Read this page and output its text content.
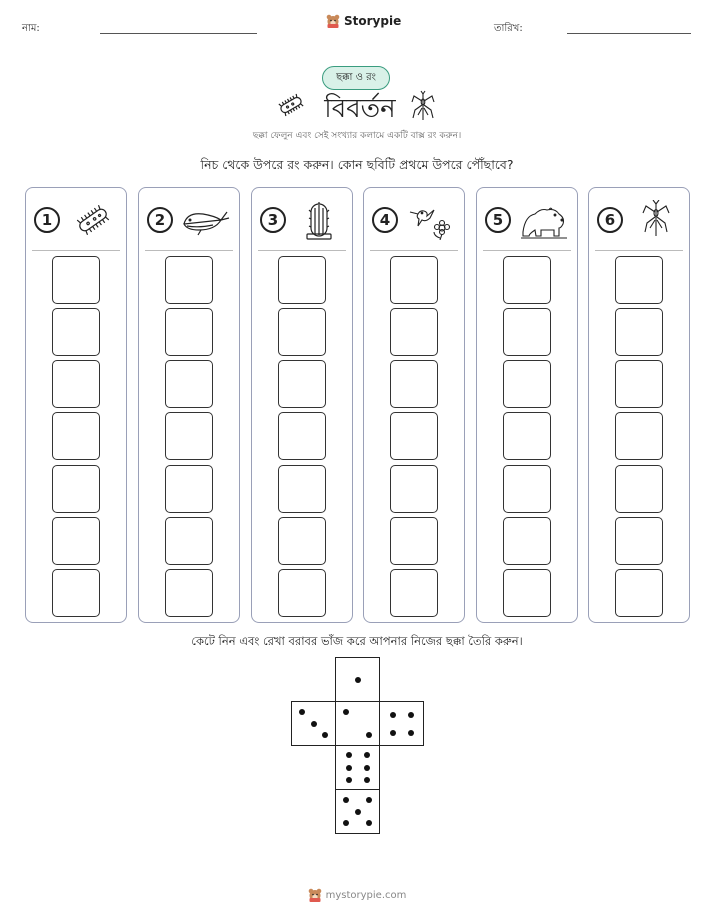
নাম:
Storypie
তারিখ:
ছক্কা ও রং
বিবর্তন
ছক্কা ফেলুন এবং সেই সংখ্যার কলামে একটি বাক্স রং করুন।
নিচ থেকে উপরে রং করুন। কোন ছবিটি প্রথমে উপরে পৌঁছাবে?
1	2	3	4	5	6
কেটে নিন এবং রেখা বরাবর ভাঁজ করে আপনার নিজের ছক্কা তৈরি করুন।
mystorypie.com
